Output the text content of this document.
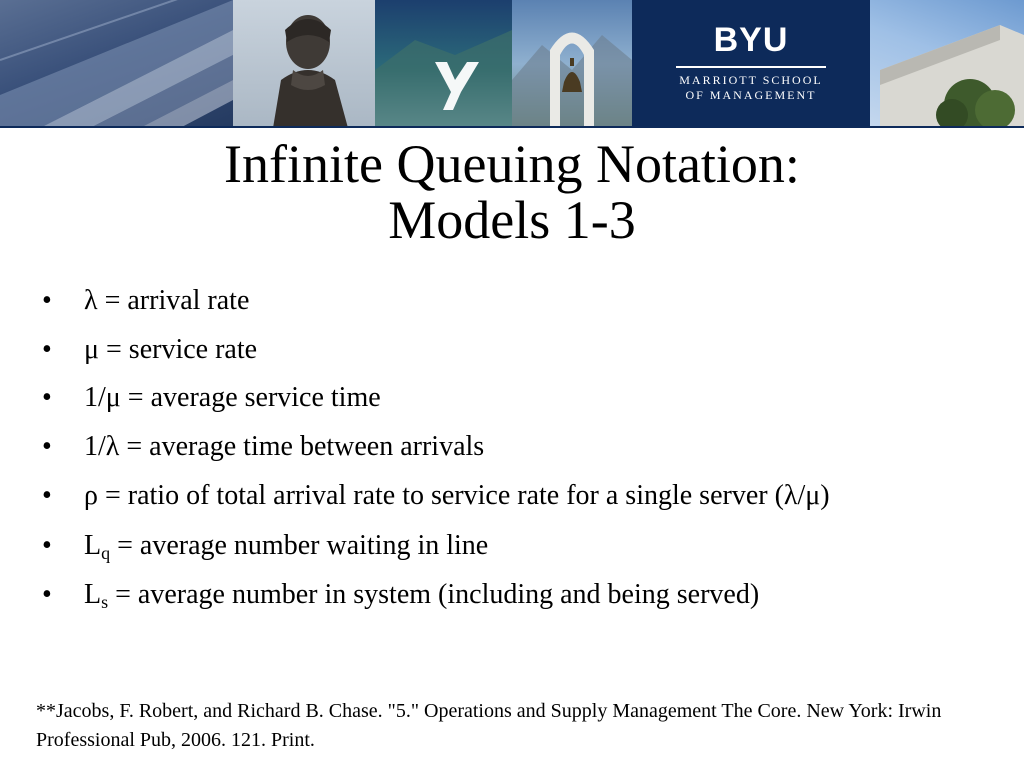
BYU
MARRIOTT SCHOOL
OF MANAGEMENT
Infinite Queuing Notation:
Models 1-3
• λ = arrival rate
• μ = service rate
• 1/μ = average service time
• 1/λ = average time between arrivals
• ρ = ratio of total arrival rate to service rate for a single server (λ/μ)
• $L_q$ = average number waiting in line
• $L_s$ = average number in system (including and being served)
**Jacobs, F. Robert, and Richard B. Chase. "5." Operations and Supply Management The Core. New York: Irwin Professional Pub, 2006. 121. Print.
